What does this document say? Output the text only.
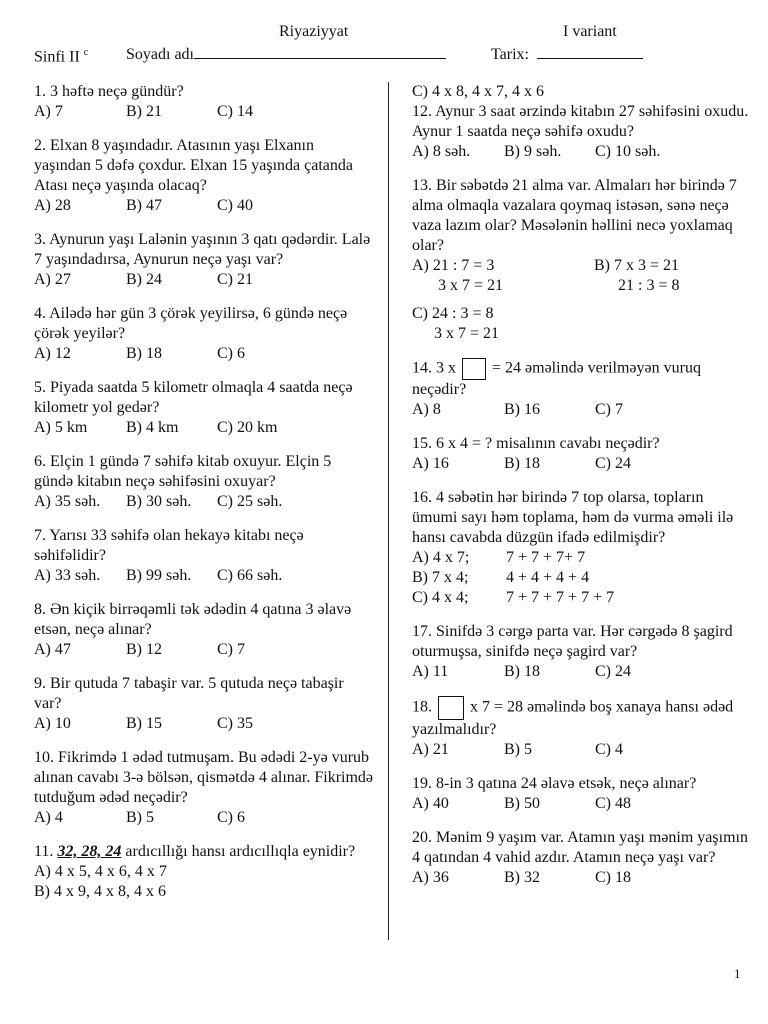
Riyaziyyat	I variant
Sinfi II $^c$ Soyadı adı	Tarix:

1. 3 həftə neçə gündür?

A) 7	B) 21	C) 14

2. Elxan 8 yaşındadır. Atasının yaşı Elxanın yaşından 5 dəfə çoxdur. Elxan 15 yaşında çatanda Atası neçə yaşında olacaq?

A) 28	B) 47	C) 40

3. Aynurun yaşı Lalənin yaşının 3 qatı qədərdir. Lalə 7 yaşındadırsa, Aynurun neçə yaşı var?

A) 27	B) 24	C) 21

4. Ailədə hər gün 3 çörək yeyilirsə, 6 gündə neçə çörək yeyilər?

A) 12	B) 18	C) 6

5. Piyada saatda 5 kilometr olmaqla 4 saatda neçə kilometr yol gedər?

A) 5 km	B) 4 km	C) 20 km

6. Elçin 1 gündə 7 səhifə kitab oxuyur. Elçin 5 gündə kitabın neçə səhifəsini oxuyar?

A) 35 səh.	B) 30 səh.	C) 25 səh.

7. Yarısı 33 səhifə olan hekayə kitabı neçə səhifəlidir?

A) 33 səh.	B) 99 səh.	C) 66 səh.

8. Ən kiçik birrəqəmli tək ədədin 4 qatına 3 əlavə etsən, neçə alınar?

A) 47	B) 12	C) 7

9. Bir qutuda 7 tabaşir var. 5 qutuda neçə tabaşir var?

A) 10	B) 15	C) 35

10. Fikrimdə 1 ədəd tutmuşam. Bu ədədi 2-yə vurub alınan cavabı 3-ə bölsən, qismətdə 4 alınar. Fikrimdə tutduğum ədəd neçədir?

A) 4	B) 5	C) 6

11. 32, 28, 24 ardıcıllığı hansı ardıcıllıqla eynidir?

A) 4 x 5, 4 x 6, 4 x 7
B) 4 x 9, 4 x 8, 4 x 6
C) 4 x 8, 4 x 7, 4 x 6

12. Aynur 3 saat ərzində kitabın 27 səhifəsini oxudu. Aynur 1 saatda neçə səhifə oxudu?

A) 8 səh.	B) 9 səh.	C) 10 səh.

13. Bir səbətdə 21 alma var. Almaları hər birində 7 alma olmaqla vazalara qoymaq istəsən, sənə neçə vaza lazım olar? Məsələnin həllini necə yoxlamaq olar?

A) 21 : 7 = 3	B) 7 x 3 = 21
3 x 7 = 21	21 : 3 = 8
C) 24 : 3 = 8
3 x 7 = 21

14. 3 x = 24 əməlində verilməyən vuruq neçədir?

A) 8	B) 16	C) 7

15. 6 x 4 = ? misalının cavabı neçədir?

A) 16	B) 18	C) 24

16. 4 səbətin hər birində 7 top olarsa, topların ümumi sayı həm toplama, həm də vurma əməli ilə hansı cavabda düzgün ifadə edilmişdir?

A) 4 x 7;	7 + 7 + 7+ 7
B) 7 x 4;	4 + 4 + 4 + 4
C) 4 x 4;	7 + 7 + 7 + 7 + 7

17. Sinifdə 3 cərgə parta var. Hər cərgədə 8 şagird oturmuşsa, sinifdə neçə şagird var?

A) 11	B) 18	C) 24

18. x 7 = 28 əməlində boş xanaya hansı ədəd yazılmalıdır?

A) 21	B) 5	C) 4

19. 8-in 3 qatına 24 əlavə etsək, neçə alınar?

A) 40	B) 50	C) 48

20. Mənim 9 yaşım var. Atamın yaşı mənim yaşımın 4 qatından 4 vahid azdır. Atamın neçə yaşı var?

A) 36	B) 32	C) 18
1
